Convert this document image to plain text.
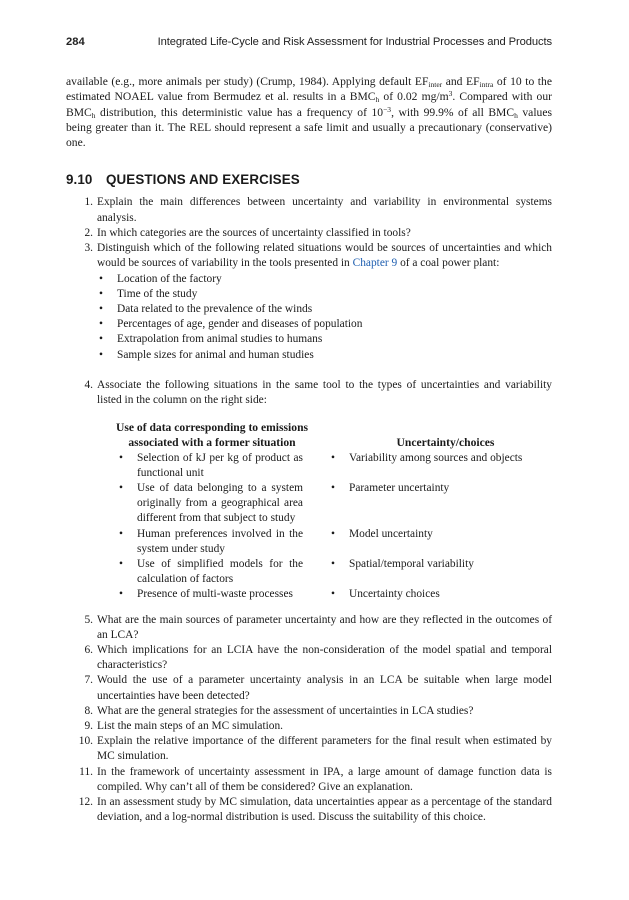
284	Integrated Life-Cycle and Risk Assessment for Industrial Processes and Products

available (e.g., more animals per study) (Crump, 1984). Applying default $EF_{inter}$ and $EF_{intra}$ of 10 to the estimated NOAEL value from Bermudez et al. results in a $BMC_h$ of 0.02 $mg/m^3$. Compared with our $BMC_h$ distribution, this deterministic value has a frequency of $10^{-3}$, with 99.9% of all $BMC_h$ values being greater than it. The REL should represent a safe limit and usually a precautionary (conservative) one.

9.10 QUESTIONS AND EXERCISES
1. Explain the main differences between uncertainty and variability in environmental systems analysis.
2. In which categories are the sources of uncertainty classified in tools?
3. Distinguish which of the following related situations would be sources of uncertainties and which would be sources of variability in the tools presented in Chapter 9 of a coal power plant:
• Location of the factory
• Time of the study
• Data related to the prevalence of the winds
• Percentages of age, gender and diseases of population
• Extrapolation from animal studies to humans
• Sample sizes for animal and human studies
4. Associate the following situations in the same tool to the types of uncertainties and variability listed in the column on the right side:
Use of data corresponding to emissions associated with a former situation	Uncertainty/choices
• Selection of kJ per kg of product as functional unit
• Variability among sources and objects
• Use of data belonging to a system originally from a geographical area different from that subject to study
• Parameter uncertainty
• Human preferences involved in the system under study
• Model uncertainty
• Use of simplified models for the calculation of factors
• Spatial/temporal variability
• Presence of multi-waste processes
•	Uncertainty choices
5. What are the main sources of parameter uncertainty and how are they reflected in the outcomes of an LCA?
6. Which implications for an LCIA have the non-consideration of the model spatial and temporal characteristics?
7. Would the use of a parameter uncertainty analysis in an LCA be suitable when large model uncertainties have been detected?
8. What are the general strategies for the assessment of uncertainties in LCA studies?
9. List the main steps of an MC simulation.
10. Explain the relative importance of the different parameters for the final result when estimated by MC simulation.
11. In the framework of uncertainty assessment in IPA, a large amount of damage function data is compiled. Why can’t all of them be considered? Give an explanation.
12. In an assessment study by MC simulation, data uncertainties appear as a percentage of the standard deviation, and a log-normal distribution is used. Discuss the suitability of this choice.
